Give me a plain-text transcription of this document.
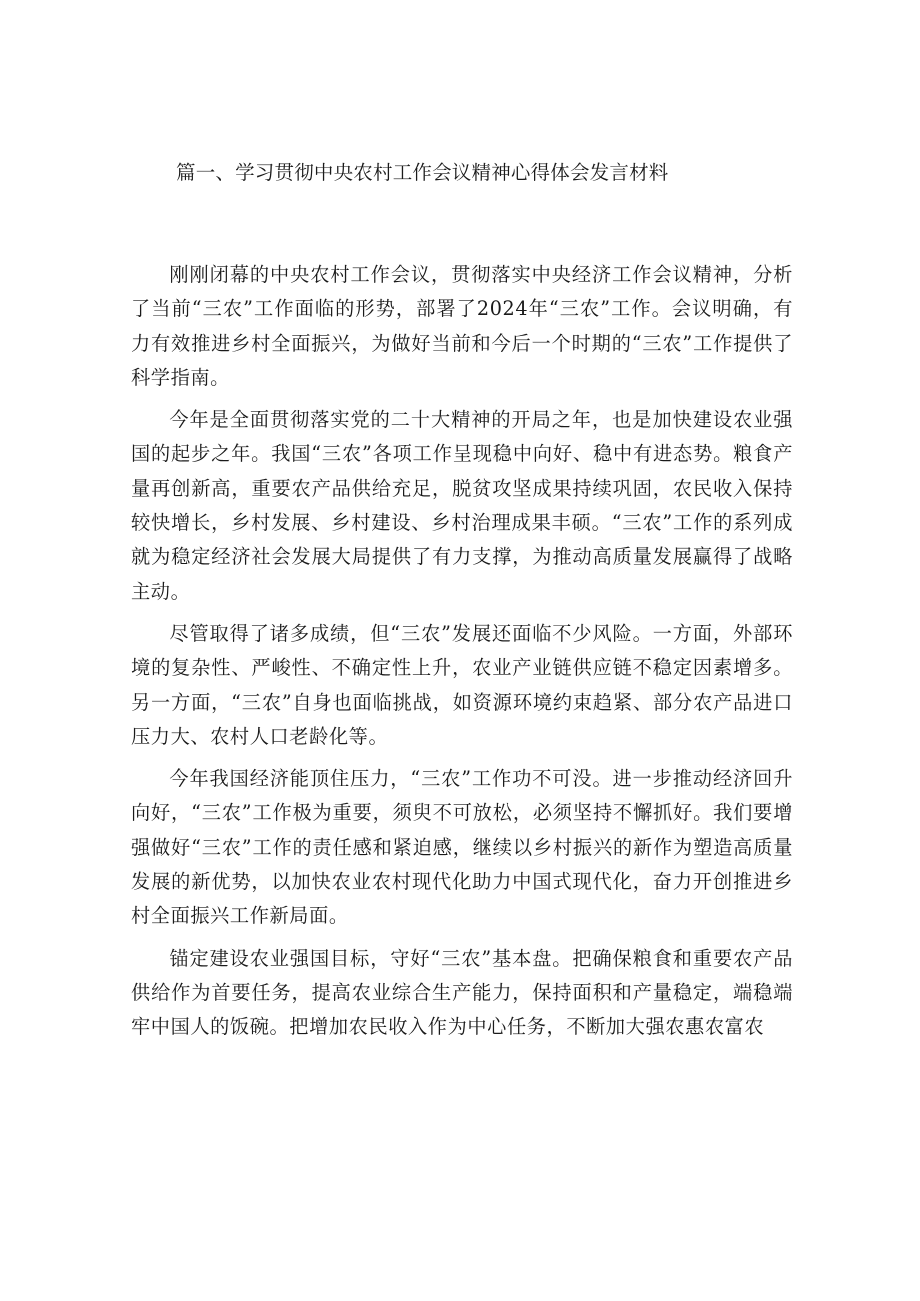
篇一、学习贯彻中央农村工作会议精神心得体会发言材料

刚刚闭幕的中央农村工作会议，贯彻落实中央经济工作会议精神，分析了当前“三农”工作面临的形势，部署了2024年“三农”工作。会议明确，有力有效推进乡村全面振兴，为做好当前和今后一个时期的“三农”工作提供了科学指南。

今年是全面贯彻落实党的二十大精神的开局之年，也是加快建设农业强国的起步之年。我国“三农”各项工作呈现稳中向好、稳中有进态势。粮食产量再创新高，重要农产品供给充足，脱贫攻坚成果持续巩固，农民收入保持较快增长，乡村发展、乡村建设、乡村治理成果丰硕。“三农”工作的系列成就为稳定经济社会发展大局提供了有力支撑，为推动高质量发展赢得了战略主动。

尽管取得了诸多成绩，但“三农”发展还面临不少风险。一方面，外部环境的复杂性、严峻性、不确定性上升，农业产业链供应链不稳定因素增多。另一方面，“三农”自身也面临挑战，如资源环境约束趋紧、部分农产品进口压力大、农村人口老龄化等。

今年我国经济能顶住压力，“三农”工作功不可没。进一步推动经济回升向好，“三农”工作极为重要，须臾不可放松，必须坚持不懈抓好。我们要增强做好“三农”工作的责任感和紧迫感，继续以乡村振兴的新作为塑造高质量发展的新优势，以加快农业农村现代化助力中国式现代化，奋力开创推进乡村全面振兴工作新局面。

锚定建设农业强国目标，守好“三农”基本盘。把确保粮食和重要农产品供给作为首要任务，提高农业综合生产能力，保持面积和产量稳定，端稳端牢中国人的饭碗。把增加农民收入作为中心任务，不断加大强农惠农富农
